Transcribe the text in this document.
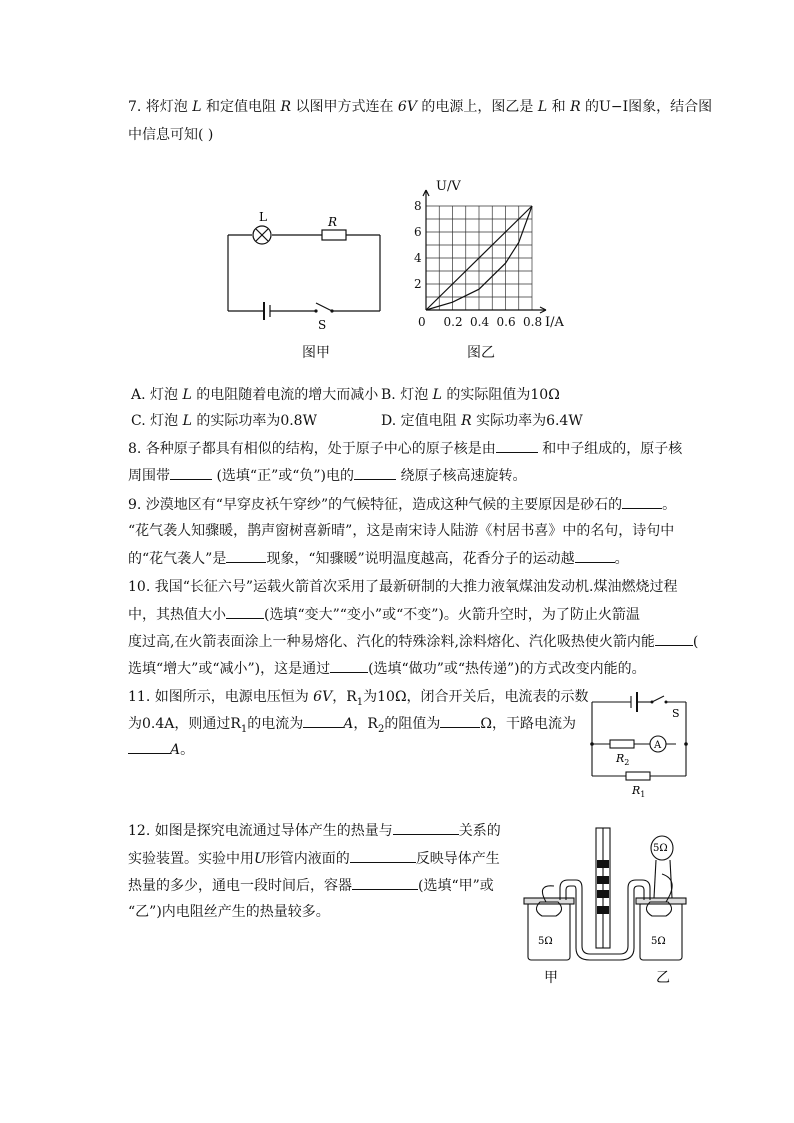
7. 将灯泡 L 和定值电阻 R 以图甲方式连在 6V 的电源上，图乙是 L 和 R 的U−I图象，结合图
中信息可知( )
L	R
S
图甲
0 0.2 0.4 0.6 0.8
2
4
6
8
U/V
I/A
图乙
A. 灯泡 L 的电阻随着电流的增大而减小 B. 灯泡 L 的实际阻值为10Ω
C. 灯泡 L 的实际功率为0.8W	D. 定值电阻 R 实际功率为6.4W
8. 各种原子都具有相似的结构，处于原子中心的原子核是由	和中子组成的，原子核
周围带	(选填“正”或“负”)电的	绕原子核高速旋转。
9. 沙漠地区有“早穿皮袄午穿纱”的气候特征，造成这种气候的主要原因是砂石的	。
“花气袭人知骤暖，鹊声窗树喜新晴”，这是南宋诗人陆游《村居书喜》中的名句，诗句中
的“花气袭人”是	现象，“知骤暖”说明温度越高，花香分子的运动越	。
10. 我国“长征六号”运载火箭首次采用了最新研制的大推力液氧煤油发动机.煤油燃烧过程
中，其热值大小	(选填“变大”“变小”或“不变”)。火箭升空时，为了防止火箭温
度过高,在火箭表面涂上一种易熔化、汽化的特殊涂料,涂料熔化、汽化吸热使火箭内能	(
选填“增大”或“减小”)，这是通过	(选填“做功”或“热传递”)的方式改变内能的。
11. 如图所示，电源电压恒为 6V，$R_1$为10Ω，闭合开关后，电流表的示数
为0.4A，则通过$R_1$的电流为	A，$R_2$的阻值为	Ω，干路电流为
A。
S
A
$R_2$
$R_1$
12. 如图是探究电流通过导体产生的热量与	关系的
实验装置。实验中用U形管内液面的	反映导体产生
热量的多少，通电一段时间后，容器	(选填“甲”或
“乙”)内电阻丝产生的热量较多。
5Ω	5Ω
5Ω
甲	乙
